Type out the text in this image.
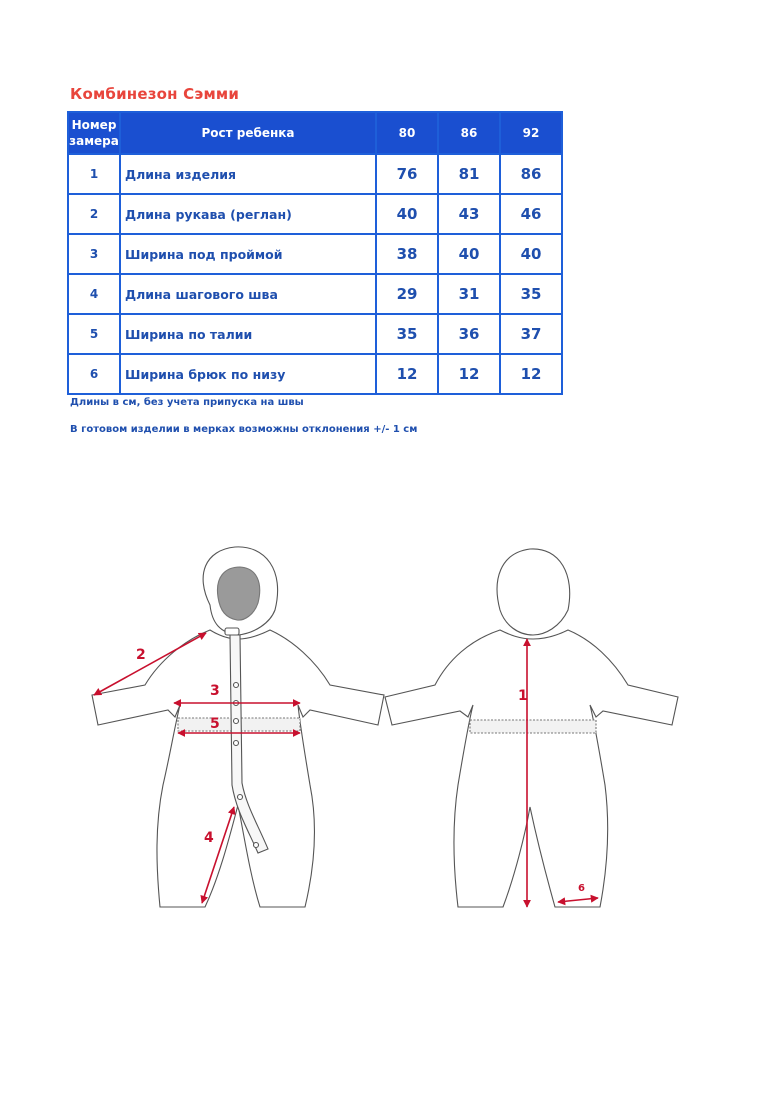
Комбинезон Сэмми
Номер замера	Рост ребенка	80	86	92
1	Длина изделия	76	81	86
2	Длина рукава (реглан)	40	43	46
3	Ширина под проймой	38	40	40
4	Длина шагового шва	29	31	35
5	Ширина по талии	35	36	37
6	Ширина брюк по низу	12	12	12
Длины в см, без учета припуска на швы
В готовом изделии в мерках возможны отклонения +/- 1 см
2
3
5
4
1
6
